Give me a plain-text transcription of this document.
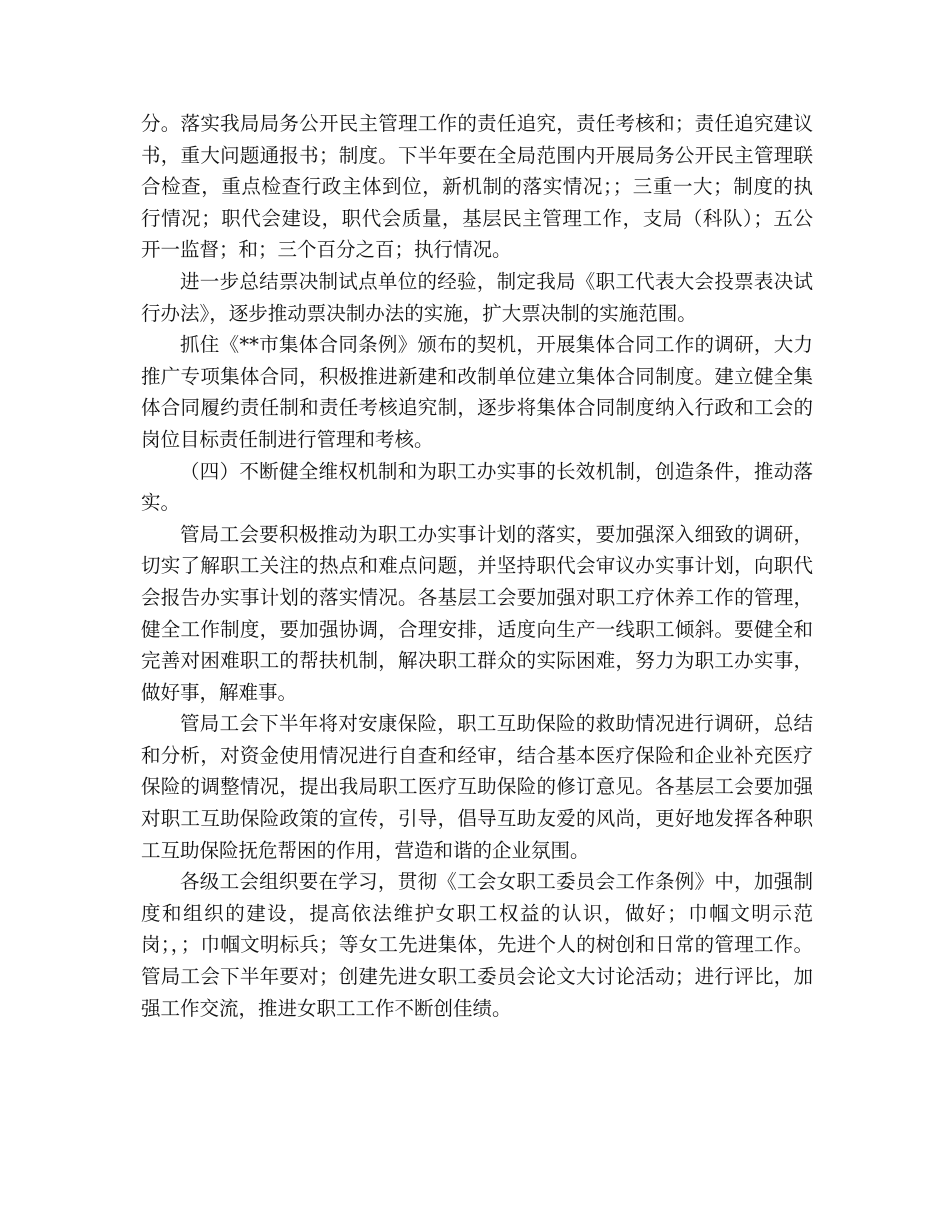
分。落实我局局务公开民主管理工作的责任追究，责任考核和；责任追究建议书，重大问题通报书；制度。下半年要在全局范围内开展局务公开民主管理联合检查，重点检查行政主体到位，新机制的落实情况；；三重一大；制度的执行情况；职代会建设，职代会质量，基层民主管理工作，支局（科队）；五公开一监督；和；三个百分之百；执行情况。

进一步总结票决制试点单位的经验，制定我局《职工代表大会投票表决试行办法》，逐步推动票决制办法的实施，扩大票决制的实施范围。

抓住《**市集体合同条例》颁布的契机，开展集体合同工作的调研，大力推广专项集体合同，积极推进新建和改制单位建立集体合同制度。建立健全集体合同履约责任制和责任考核追究制，逐步将集体合同制度纳入行政和工会的岗位目标责任制进行管理和考核。

（四）不断健全维权机制和为职工办实事的长效机制，创造条件，推动落实。

管局工会要积极推动为职工办实事计划的落实，要加强深入细致的调研，切实了解职工关注的热点和难点问题，并坚持职代会审议办实事计划，向职代会报告办实事计划的落实情况。各基层工会要加强对职工疗休养工作的管理，健全工作制度，要加强协调，合理安排，适度向生产一线职工倾斜。要健全和完善对困难职工的帮扶机制，解决职工群众的实际困难，努力为职工办实事，做好事，解难事。

管局工会下半年将对安康保险，职工互助保险的救助情况进行调研，总结和分析，对资金使用情况进行自查和经审，结合基本医疗保险和企业补充医疗保险的调整情况，提出我局职工医疗互助保险的修订意见。各基层工会要加强对职工互助保险政策的宣传，引导，倡导互助友爱的风尚，更好地发挥各种职工互助保险抚危帮困的作用，营造和谐的企业氛围。

各级工会组织要在学习，贯彻《工会女职工委员会工作条例》中，加强制度和组织的建设，提高依法维护女职工权益的认识，做好；巾帼文明示范岗；，；巾帼文明标兵；等女工先进集体，先进个人的树创和日常的管理工作。管局工会下半年要对；创建先进女职工委员会论文大讨论活动；进行评比，加强工作交流，推进女职工工作不断创佳绩。
